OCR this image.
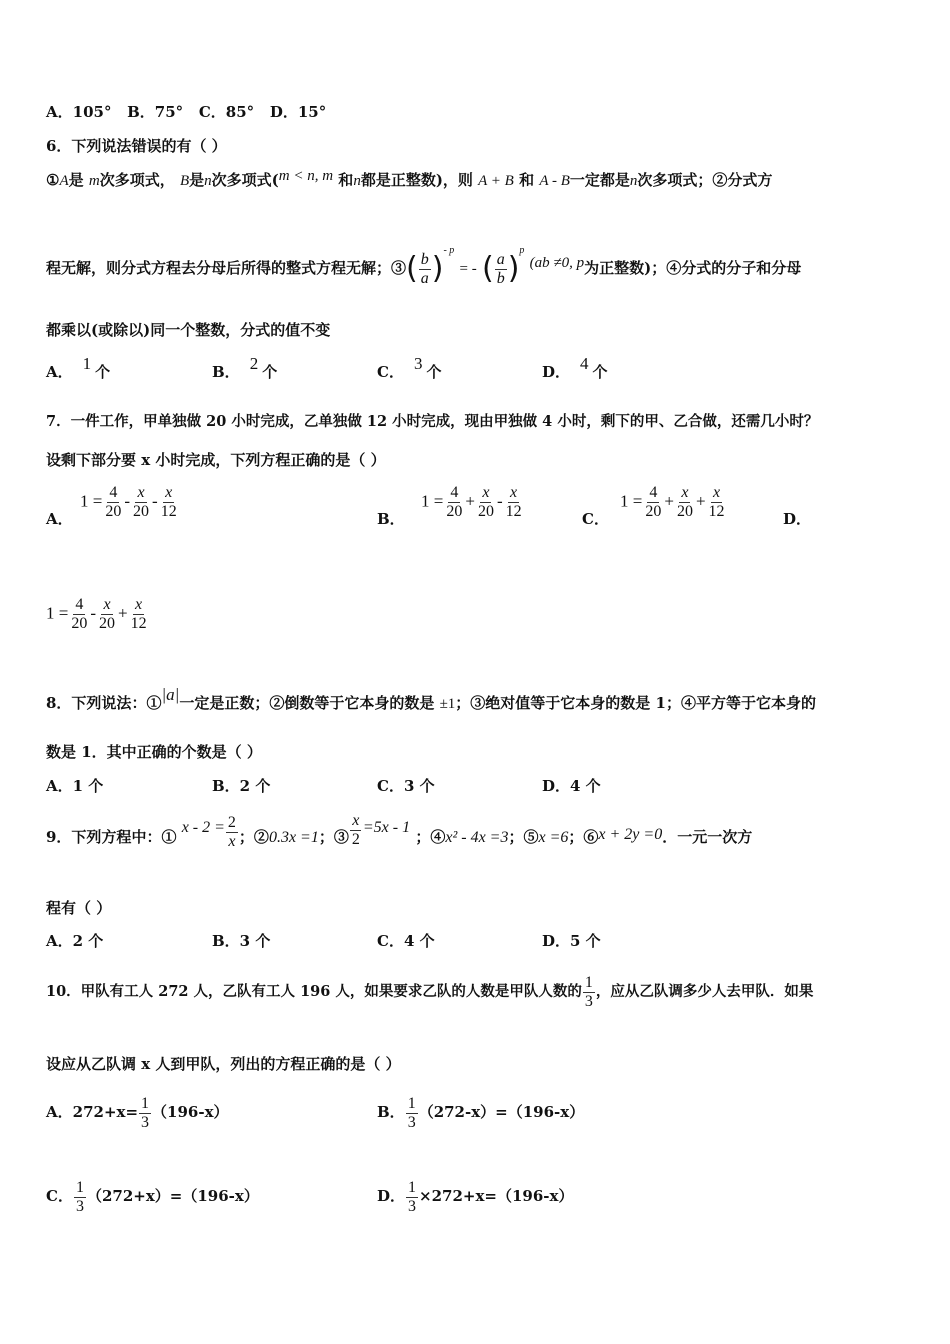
A．105° B．75° C．85° D．15°
6．下列说法错误的有（ ）
①A是 m次多项式， B是n次多项式(m < n, m 和n都是正整数)，则 A + B 和 A - B一定都是n次多项式；②分式方
程无解，则分式方程去分母后所得的整式方程无解；③( $\frac{b}{a} )^{- p}$ = - ( $\frac{a}{b} )^p$ (ab ≠0, p为正整数)；④分式的分子和分母
都乘以(或除以)同一个整数，分式的值不变
A． 1 个	B． 2 个	C． 3 个	D． 4 个
7．一件工作，甲单独做 20 小时完成，乙单独做 12 小时完成，现由甲独做 4 小时，剩下的甲、乙合做，还需几小时？
设剩下部分要 x 小时完成，下列方程正确的是（ ）
A．
$1 = \frac{4}{20} - \frac{x}{20} - \frac{x}{12}$	B．
$1 = \frac{4}{20} + \frac{x}{20} - \frac{x}{12}$	C．
$1 = \frac{4}{20} + \frac{x}{20} + \frac{x}{12}$	D．
$1 = \frac{4}{20} - \frac{x}{20} + \frac{x}{12}$
8．下列说法：①|a|一定是正数；②倒数等于它本身的数是 ±1；③绝对值等于它本身的数是 1；④平方等于它本身的
数是 1．其中正确的个数是（ ）
A．1 个	B．2 个	C．3 个	D．4 个
9．下列方程中：① $x - 2 = \frac{2}{x}$ ；②0.3x =1；③ $\frac{x}{2} =5x - 1$ ；④x² - 4x =3；⑤x =6；⑥x + 2y =0．一元一次方
程有（ ）
A．2 个	B．3 个	C．4 个	D．5 个
10．甲队有工人 272 人，乙队有工人 196 人，如果要求乙队的人数是甲队人数的 $\frac{1}{3}$ ，应从乙队调多少人去甲队．如果
设应从乙队调 x 人到甲队，列出的方程正确的是（ ）
A．$272+x= \frac{1}{3} (196-x)$	B． $\frac{1}{3} (272-x)=(196-x)$
C． $\frac{1}{3} (272+x)=(196-x)$	D． $\frac{1}{3} \times 272+x=(196-x)$
